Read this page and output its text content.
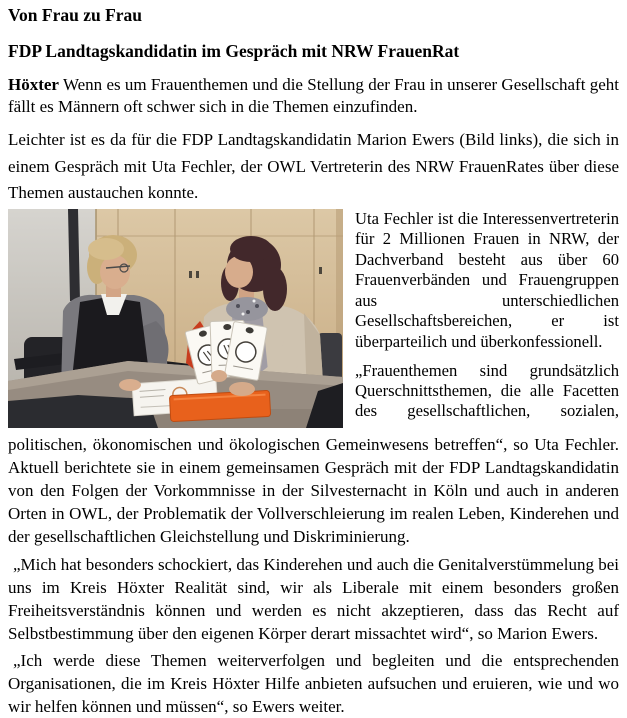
Von Frau zu Frau
FDP Landtagskandidatin im Gespräch mit NRW FrauenRat

Höxter Wenn es um Frauenthemen und die Stellung der Frau in unserer Gesellschaft geht fällt es Männern oft schwer sich in die Themen einzufinden.

Leichter ist es da für die FDP Landtagskandidatin Marion Ewers (Bild links), die sich in einem Gespräch mit Uta Fechler, der OWL Vertreterin des NRW FrauenRates über diese Themen austauchen konnte.

Uta Fechler ist die Interessenvertreterin für 2 Millionen Frauen in NRW, der Dachverband besteht aus über 60 Frauenverbänden und Frauengruppen aus unterschiedlichen Gesellschaftsbereichen, er ist überparteilich und überkonfessionell.

„Frauenthemen sind grundsätzlich Querschnittsthemen, die alle Facetten des gesellschaftlichen, sozialen,

politischen, ökonomischen und ökologischen Gemeinwesens betreffen“, so Uta Fechler. Aktuell berichtete sie in einem gemeinsamen Gespräch mit der FDP Landtagskandidatin von den Folgen der Vorkommnisse in der Silvesternacht in Köln und auch in anderen Orten in OWL, der Problematik der Vollverschleierung im realen Leben, Kinderehen und der gesellschaftlichen Gleichstellung und Diskriminierung.

„Mich hat besonders schockiert, das Kinderehen und auch die Genitalverstümmelung bei uns im Kreis Höxter Realität sind, wir als Liberale mit einem besonders großen Freiheitsverständnis können und werden es nicht akzeptieren, dass das Recht auf Selbstbestimmung über den eigenen Körper derart missachtet wird“, so Marion Ewers.

„Ich werde diese Themen weiterverfolgen und begleiten und die entsprechenden Organisationen, die im Kreis Höxter Hilfe anbieten aufsuchen und eruieren, wie und wo wir helfen können und müssen“, so Ewers weiter.
